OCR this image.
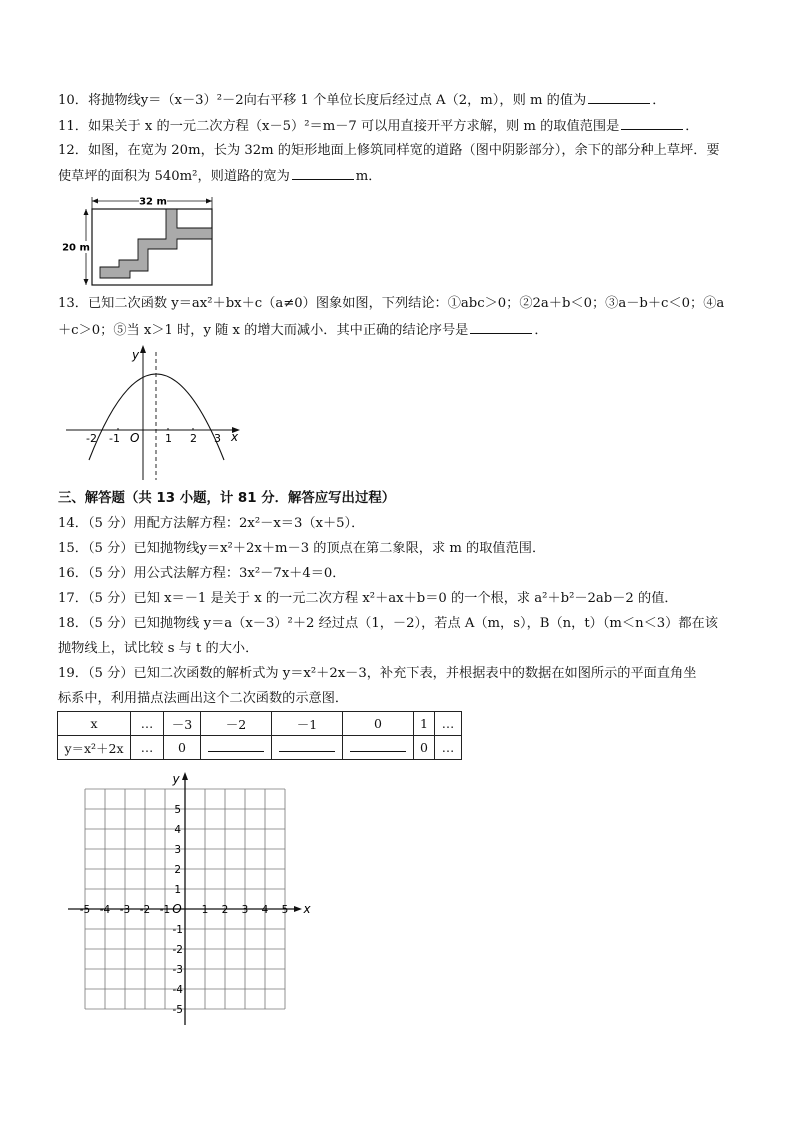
10．将抛物线y＝（x－3）²－2向右平移 1 个单位长度后经过点 A（2，m），则 m 的值为	．
11．如果关于 x 的一元二次方程（x－5）²＝m－7 可以用直接开平方求解，则 m 的取值范围是	．
12．如图，在宽为 20m，长为 32m 的矩形地面上修筑同样宽的道路（图中阴影部分），余下的部分种上草坪．要
使草坪的面积为 540m²，则道路的宽为	m．
32 m
20 m
13．已知二次函数 y＝ax²＋bx＋c（a≠0）图象如图，下列结论：①abc＞0；②2a＋b＜0；③a－b＋c＜0；④a
＋c＞0；⑤当 x＞1 时，y 随 x 的增大而减小．其中正确的结论序号是	．
y
x
O
-2 -1	1 2 3
三、解答题（共 13 小题，计 81 分．解答应写出过程）
14．（5 分）用配方法解方程：2x²－x＝3（x＋5）．
15．（5 分）已知抛物线y＝x²＋2x＋m－3 的顶点在第二象限，求 m 的取值范围．
16．（5 分）用公式法解方程：3x²－7x＋4＝0．
17．（5 分）已知 x＝－1 是关于 x 的一元二次方程 x²＋ax＋b＝0 的一个根，求 a²＋b²－2ab－2 的值．
18．（5 分）已知抛物线 y＝a（x－3）²＋2 经过点（1，－2），若点 A（m，s），B（n，t）（m＜n＜3）都在该
抛物线上，试比较 s 与 t 的大小．
19．（5 分）已知二次函数的解析式为 y＝x²＋2x－3，补充下表，并根据表中的数据在如图所示的平面直角坐
标系中，利用描点法画出这个二次函数的示意图．
x	…	－3	－2	－1	0	1	…
y＝x²＋2x	…	0				0	…
-5 -4 -3 -2 -1	1 2 3 4 5
5
4
3
2
1
-1
-2
-3
-4
-5
O	x
y
